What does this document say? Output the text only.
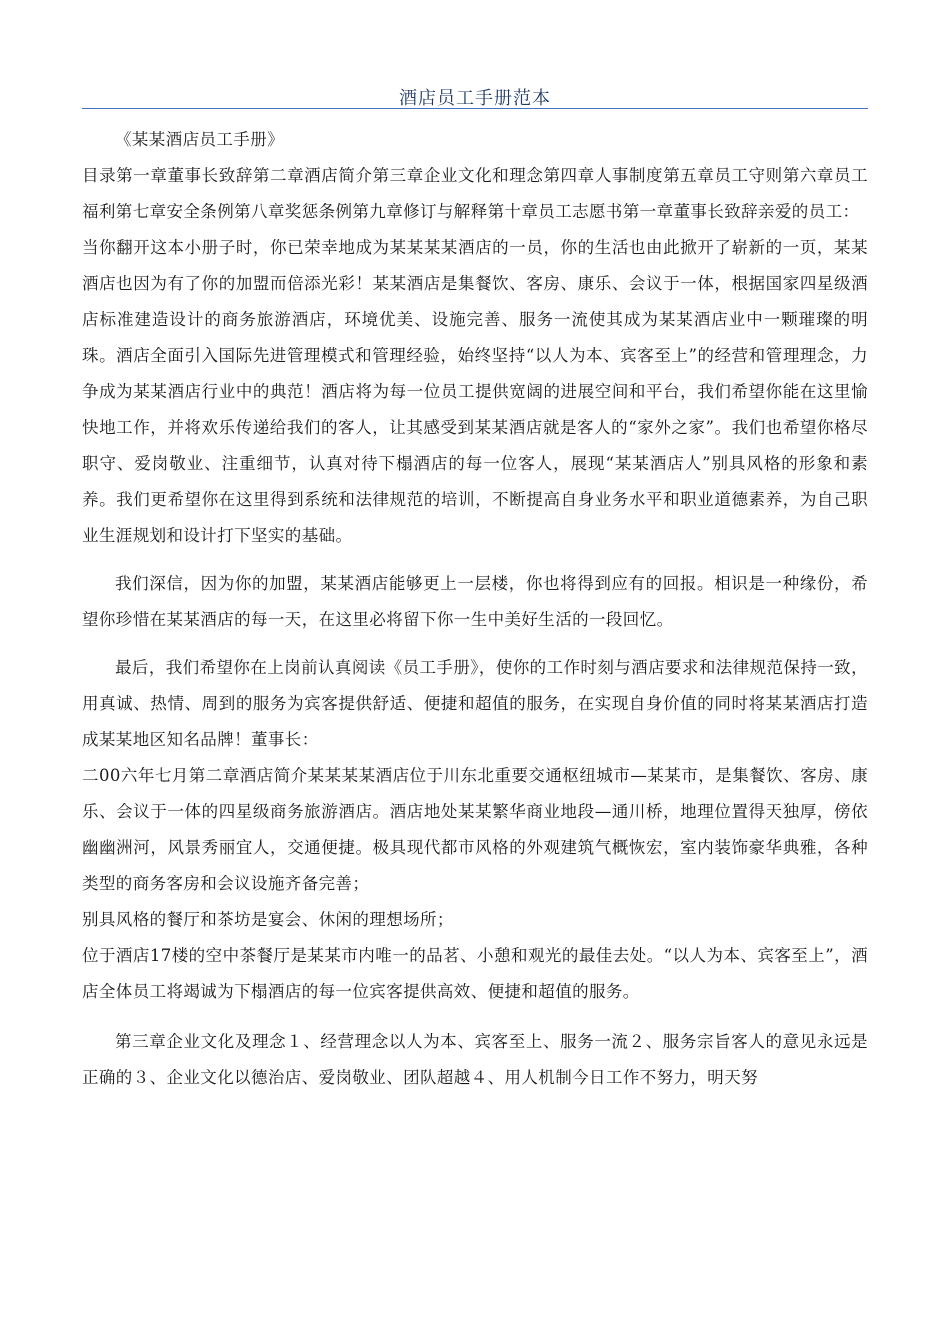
酒店员工手册范本

《某某酒店员工手册》

目录第一章董事长致辞第二章酒店简介第三章企业文化和理念第四章人事制度第五章员工守则第六章员工福利第七章安全条例第八章奖惩条例第九章修订与解释第十章员工志愿书第一章董事长致辞亲爱的员工：

当你翻开这本小册子时，你已荣幸地成为某某某某酒店的一员，你的生活也由此掀开了崭新的一页，某某酒店也因为有了你的加盟而倍添光彩！某某酒店是集餐饮、客房、康乐、会议于一体，根据国家四星级酒店标准建造设计的商务旅游酒店，环境优美、设施完善、服务一流使其成为某某酒店业中一颗璀璨的明珠。酒店全面引入国际先进管理模式和管理经验，始终坚持“以人为本、宾客至上”的经营和管理理念，力争成为某某酒店行业中的典范！酒店将为每一位员工提供宽阔的进展空间和平台，我们希望你能在这里愉快地工作，并将欢乐传递给我们的客人，让其感受到某某酒店就是客人的“家外之家”。我们也希望你格尽职守、爱岗敬业、注重细节，认真对待下榻酒店的每一位客人，展现“某某酒店人”别具风格的形象和素养。我们更希望你在这里得到系统和法律规范的培训，不断提高自身业务水平和职业道德素养，为自己职业生涯规划和设计打下坚实的基础。

我们深信，因为你的加盟，某某酒店能够更上一层楼，你也将得到应有的回报。相识是一种缘份，希望你珍惜在某某酒店的每一天，在这里必将留下你一生中美好生活的一段回忆。

最后，我们希望你在上岗前认真阅读《员工手册》，使你的工作时刻与酒店要求和法律规范保持一致，用真诚、热情、周到的服务为宾客提供舒适、便捷和超值的服务，在实现自身价值的同时将某某酒店打造成某某地区知名品牌！董事长：

二00六年七月第二章酒店简介某某某某酒店位于川东北重要交通枢纽城市—某某市，是集餐饮、客房、康乐、会议于一体的四星级商务旅游酒店。酒店地处某某繁华商业地段—通川桥，地理位置得天独厚，傍依幽幽洲河，风景秀丽宜人，交通便捷。极具现代都市风格的外观建筑气概恢宏，室内装饰豪华典雅，各种类型的商务客房和会议设施齐备完善；

别具风格的餐厅和茶坊是宴会、休闲的理想场所；

位于酒店17楼的空中茶餐厅是某某市内唯一的品茗、小憩和观光的最佳去处。“以人为本、宾客至上”，酒店全体员工将竭诚为下榻酒店的每一位宾客提供高效、便捷和超值的服务。

第三章企业文化及理念１、经营理念以人为本、宾客至上、服务一流２、服务宗旨客人的意见永远是正确的３、企业文化以德治店、爱岗敬业、团队超越４、用人机制今日工作不努力，明天努
